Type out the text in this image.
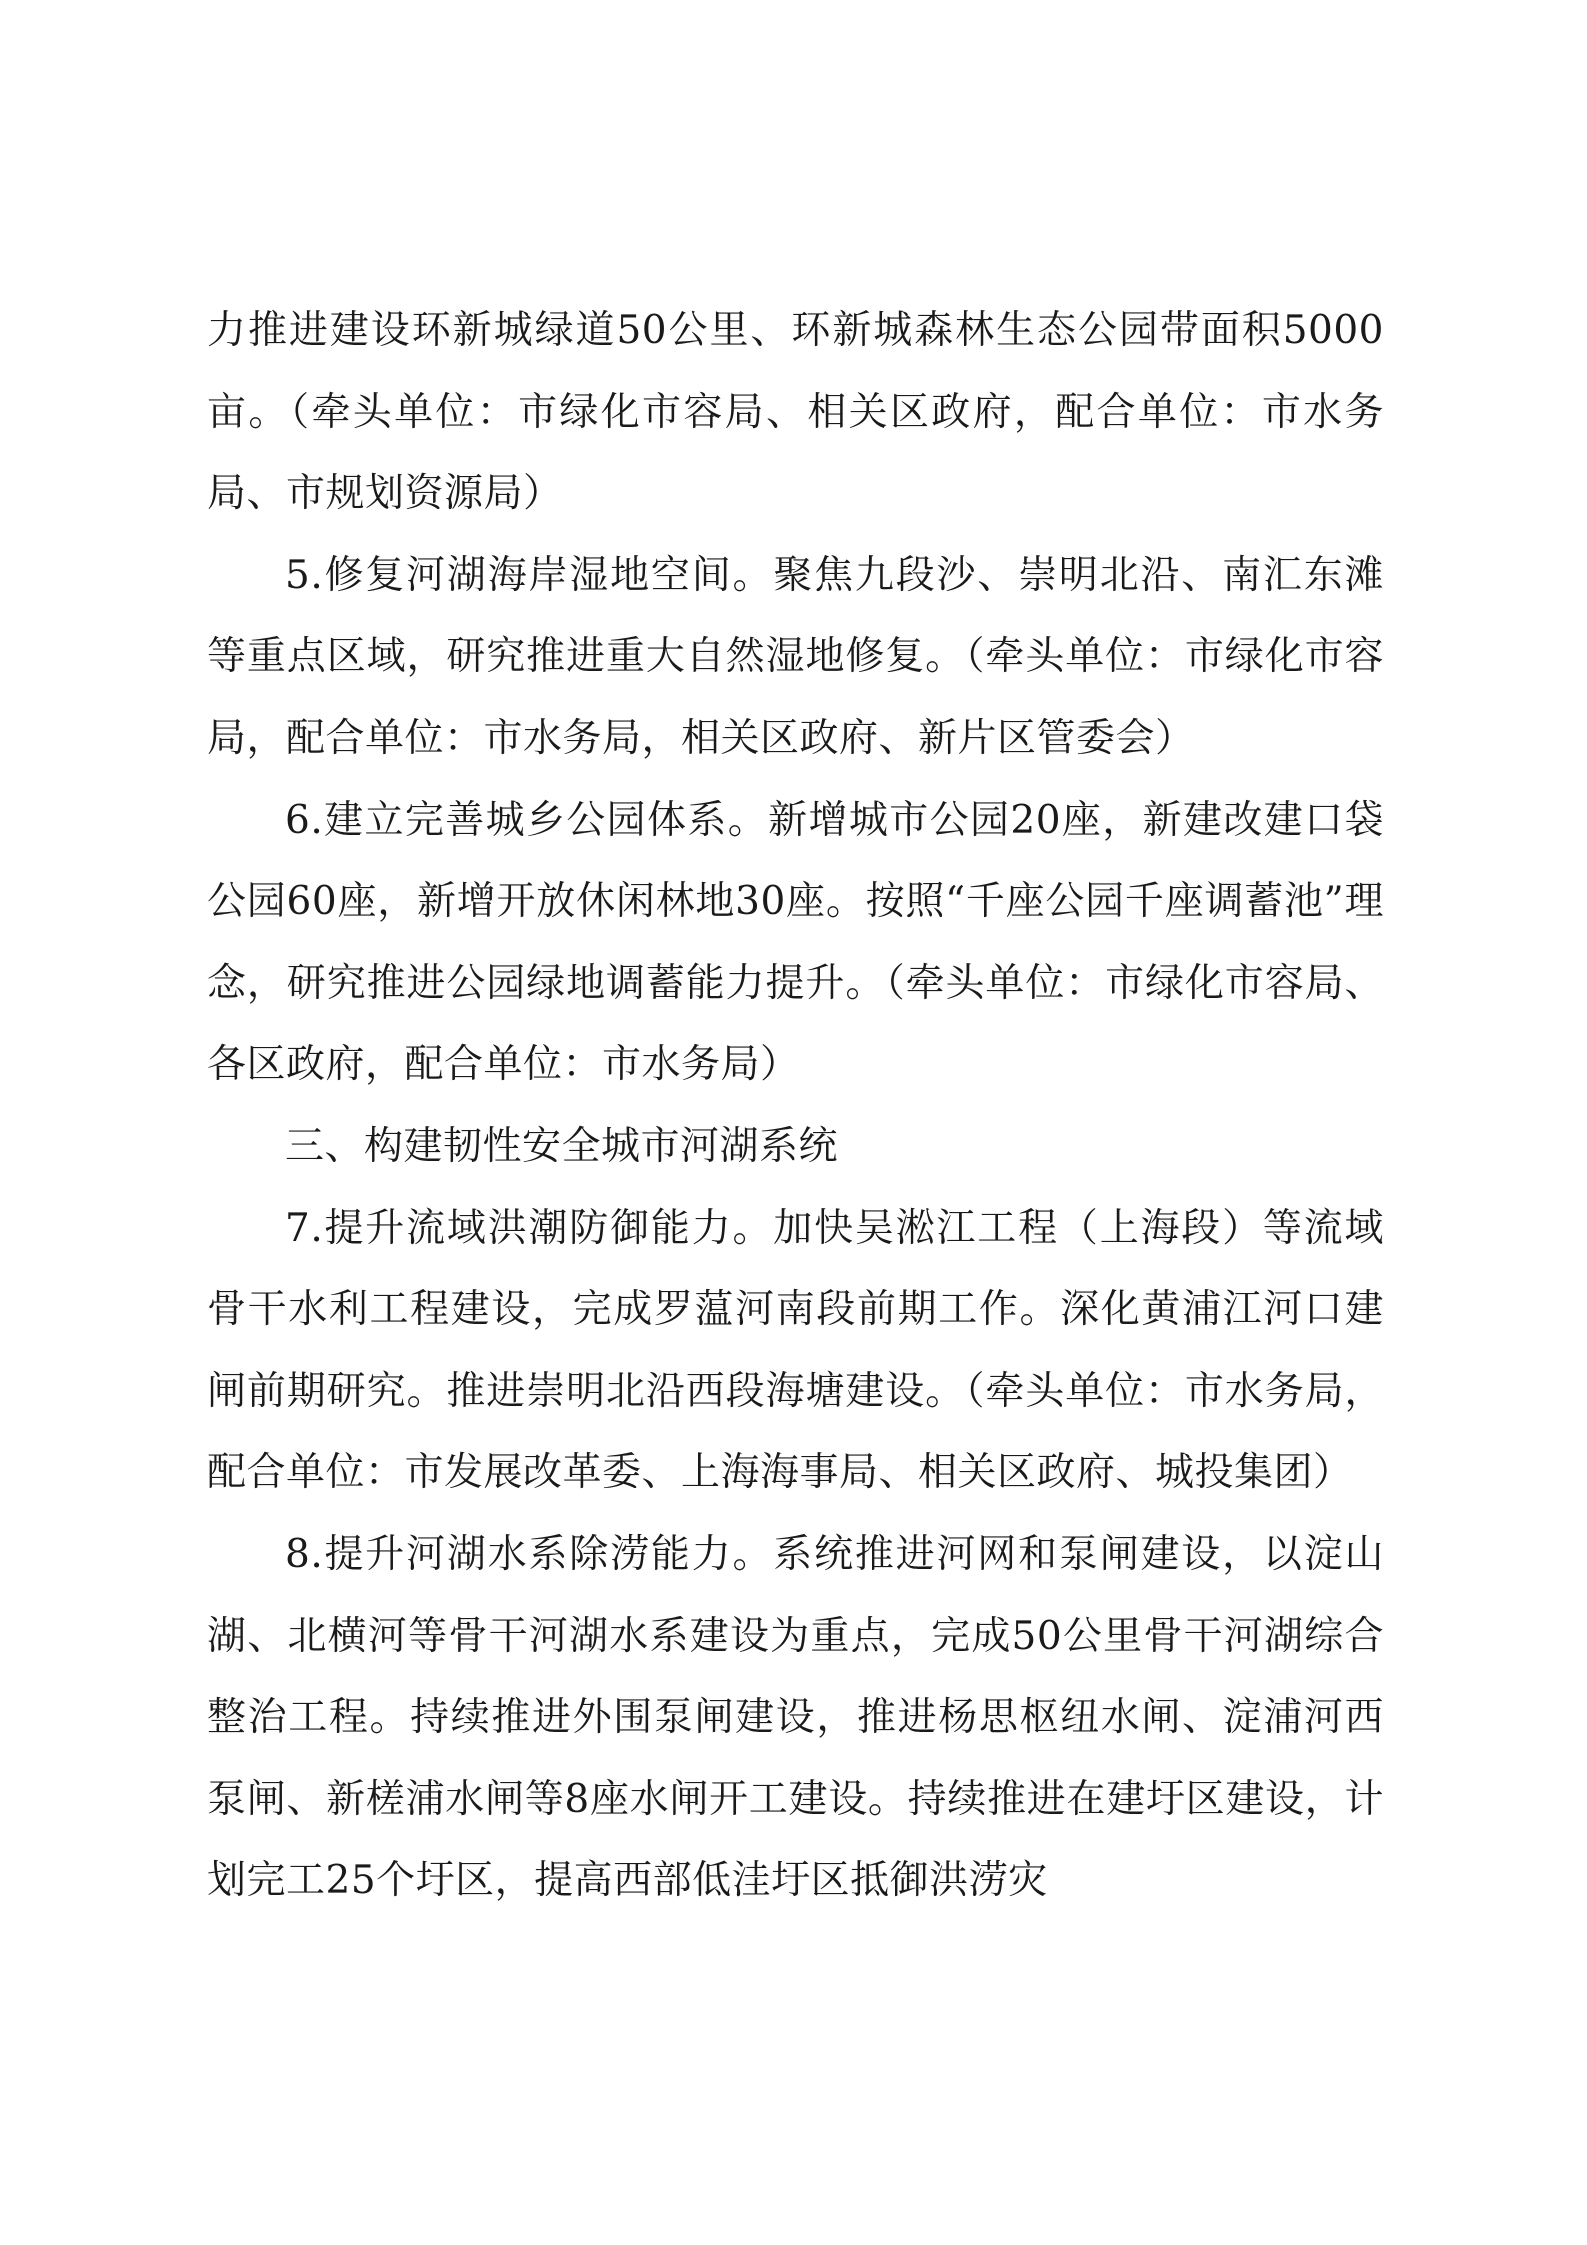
力推进建设环新城绿道50公里、环新城森林生态公园带面积5000亩。（牵头单位：市绿化市容局、相关区政府，配合单位：市水务局、市规划资源局）

5.修复河湖海岸湿地空间。聚焦九段沙、崇明北沿、南汇东滩等重点区域，研究推进重大自然湿地修复。（牵头单位：市绿化市容局，配合单位：市水务局，相关区政府、新片区管委会）

6.建立完善城乡公园体系。新增城市公园20座，新建改建口袋公园60座，新增开放休闲林地30座。按照“千座公园千座调蓄池”理念，研究推进公园绿地调蓄能力提升。（牵头单位：市绿化市容局、各区政府，配合单位：市水务局）

三、构建韧性安全城市河湖系统

7.提升流域洪潮防御能力。加快吴淞江工程（上海段）等流域骨干水利工程建设，完成罗蕰河南段前期工作。深化黄浦江河口建闸前期研究。推进崇明北沿西段海塘建设。（牵头单位：市水务局，配合单位：市发展改革委、上海海事局、相关区政府、城投集团）

8.提升河湖水系除涝能力。系统推进河网和泵闸建设，以淀山湖、北横河等骨干河湖水系建设为重点，完成50公里骨干河湖综合整治工程。持续推进外围泵闸建设，推进杨思枢纽水闸、淀浦河西泵闸、新槎浦水闸等8座水闸开工建设。持续推进在建圩区建设，计划完工25个圩区，提高西部低洼圩区抵御洪涝灾
